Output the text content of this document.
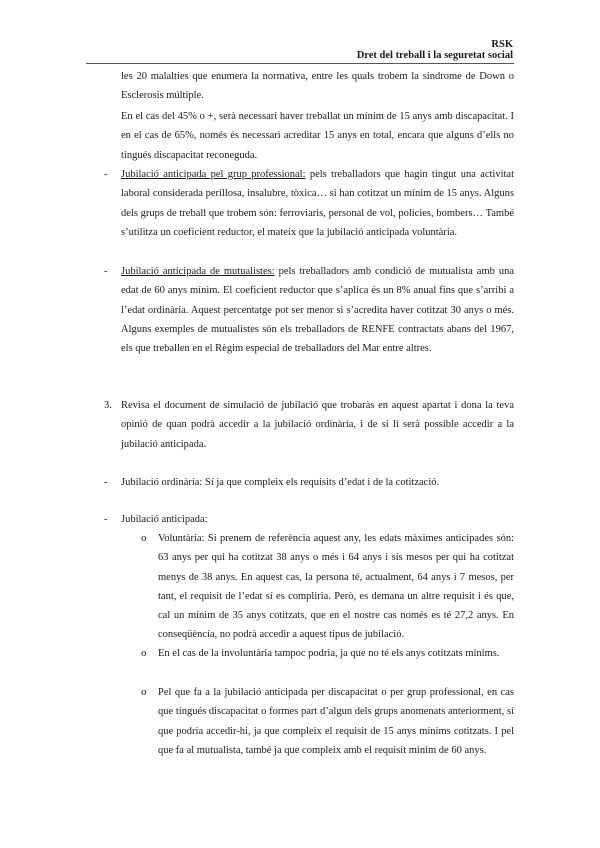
RSK
Dret del treball i la seguretat social
les 20 malalties que enumera la normativa, entre les quals trobem la síndrome de Down o Esclerosis múltiple.
En el cas del 45% o +, serà necessari haver treballat un mínim de 15 anys amb discapacitat. I en el cas de 65%, només és necessari acreditar 15 anys en total, encara que alguns d’ells no tingués discapacitat reconeguda.
- Jubilació anticipada pel grup professional: pels treballadors que hagin tingut una activitat laboral considerada perillosa, insalubre, tòxica… si han cotitzat un mínim de 15 anys. Alguns dels grups de treball que trobem són: ferroviaris, personal de vol, policies, bombers… També s’utilitza un coeficient reductor, el mateix que la jubilació anticipada voluntària.
- Jubilació anticipada de mutualistes: pels treballadors amb condició de mutualista amb una edat de 60 anys mínim. El coeficient reductor que s’aplica és un 8% anual fins que s’arribi a l’edat ordinària. Aquest percentatge pot ser menor si s’acredita haver cotitzat 30 anys o més. Alguns exemples de mutualistes són els treballadors de RENFE contractats abans del 1967, els que treballen en el Règim especial de treballadors del Mar entre altres.
3. Revisa el document de simulació de jubilació que trobaràs en aquest apartat i dona la teva opinió de quan podrà accedir a la jubilació ordinària, i de si li serà possible accedir a la jubilació anticipada.
- Jubilació ordinària: Sí ja que compleix els requisits d’edat i de la cotització.
- Jubilació anticipada:
o Voluntària: Si prenem de referència aquest any, les edats màximes anticipades són: 63 anys per qui ha cotitzat 38 anys o més i 64 anys i sis mesos per qui ha cotitzat menys de 38 anys. En aquest cas, la persona té, actualment, 64 anys i 7 mesos, per tant, el requisit de l’edat sí es compliria. Però, es demana un altre requisit i és que, cal un mínim de 35 anys cotitzats, que en el nostre cas només es té 27,2 anys. En conseqüència, no podrà accedir a aquest tipus de jubilació.
o En el cas de la involuntària tampoc podria, ja que no té els anys cotitzats mínims.
o Pel que fa a la jubilació anticipada per discapacitat o per grup professional, en cas que tingués discapacitat o formes part d’algun dels grups anomenats anteriorment, sí que podria accedir-hi, ja que compleix el requisit de 15 anys mínims cotitzats. I pel que fa al mutualista, també ja que compleix amb el requisit mínim de 60 anys.
